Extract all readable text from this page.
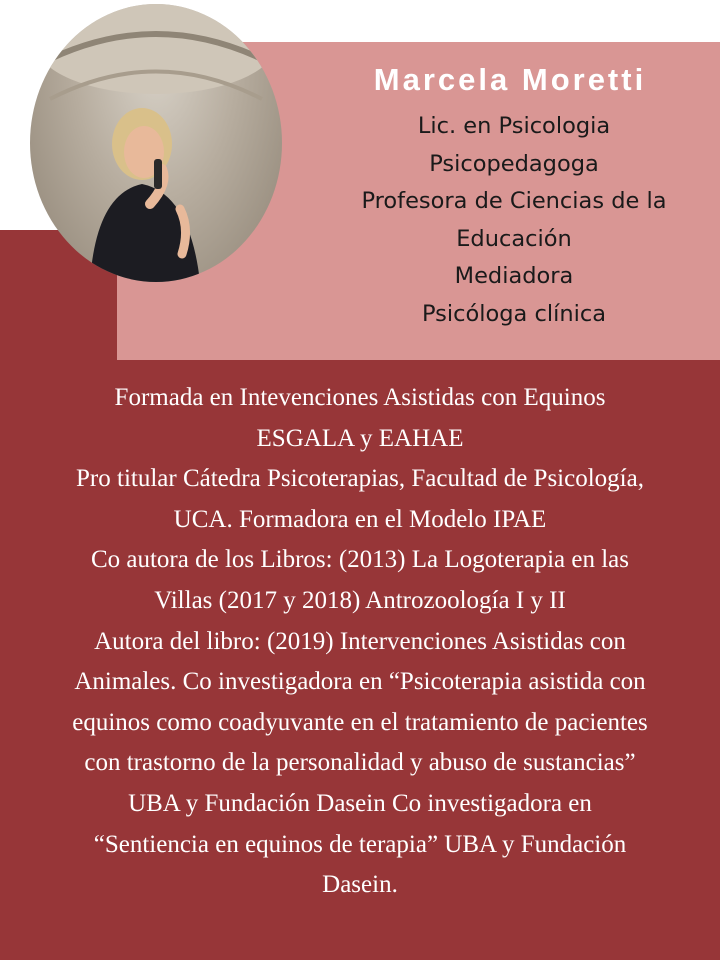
Marcela Moretti
Lic. en Psicologia
Psicopedagoga
Profesora de Ciencias de la
Educación
Mediadora
Psicóloga clínica
Formada en Intevenciones Asistidas con Equinos
ESGALA y EAHAE
Pro titular Cátedra Psicoterapias, Facultad de Psicología,
UCA. Formadora en el Modelo IPAE
Co autora de los Libros: (2013) La Logoterapia en las
Villas (2017 y 2018) Antrozoología I y II
Autora del libro: (2019) Intervenciones Asistidas con
Animales. Co investigadora en “Psicoterapia asistida con
equinos como coadyuvante en el tratamiento de pacientes
con trastorno de la personalidad y abuso de sustancias”
UBA y Fundación Dasein Co investigadora en
“Sentiencia en equinos de terapia” UBA y Fundación
Dasein.
